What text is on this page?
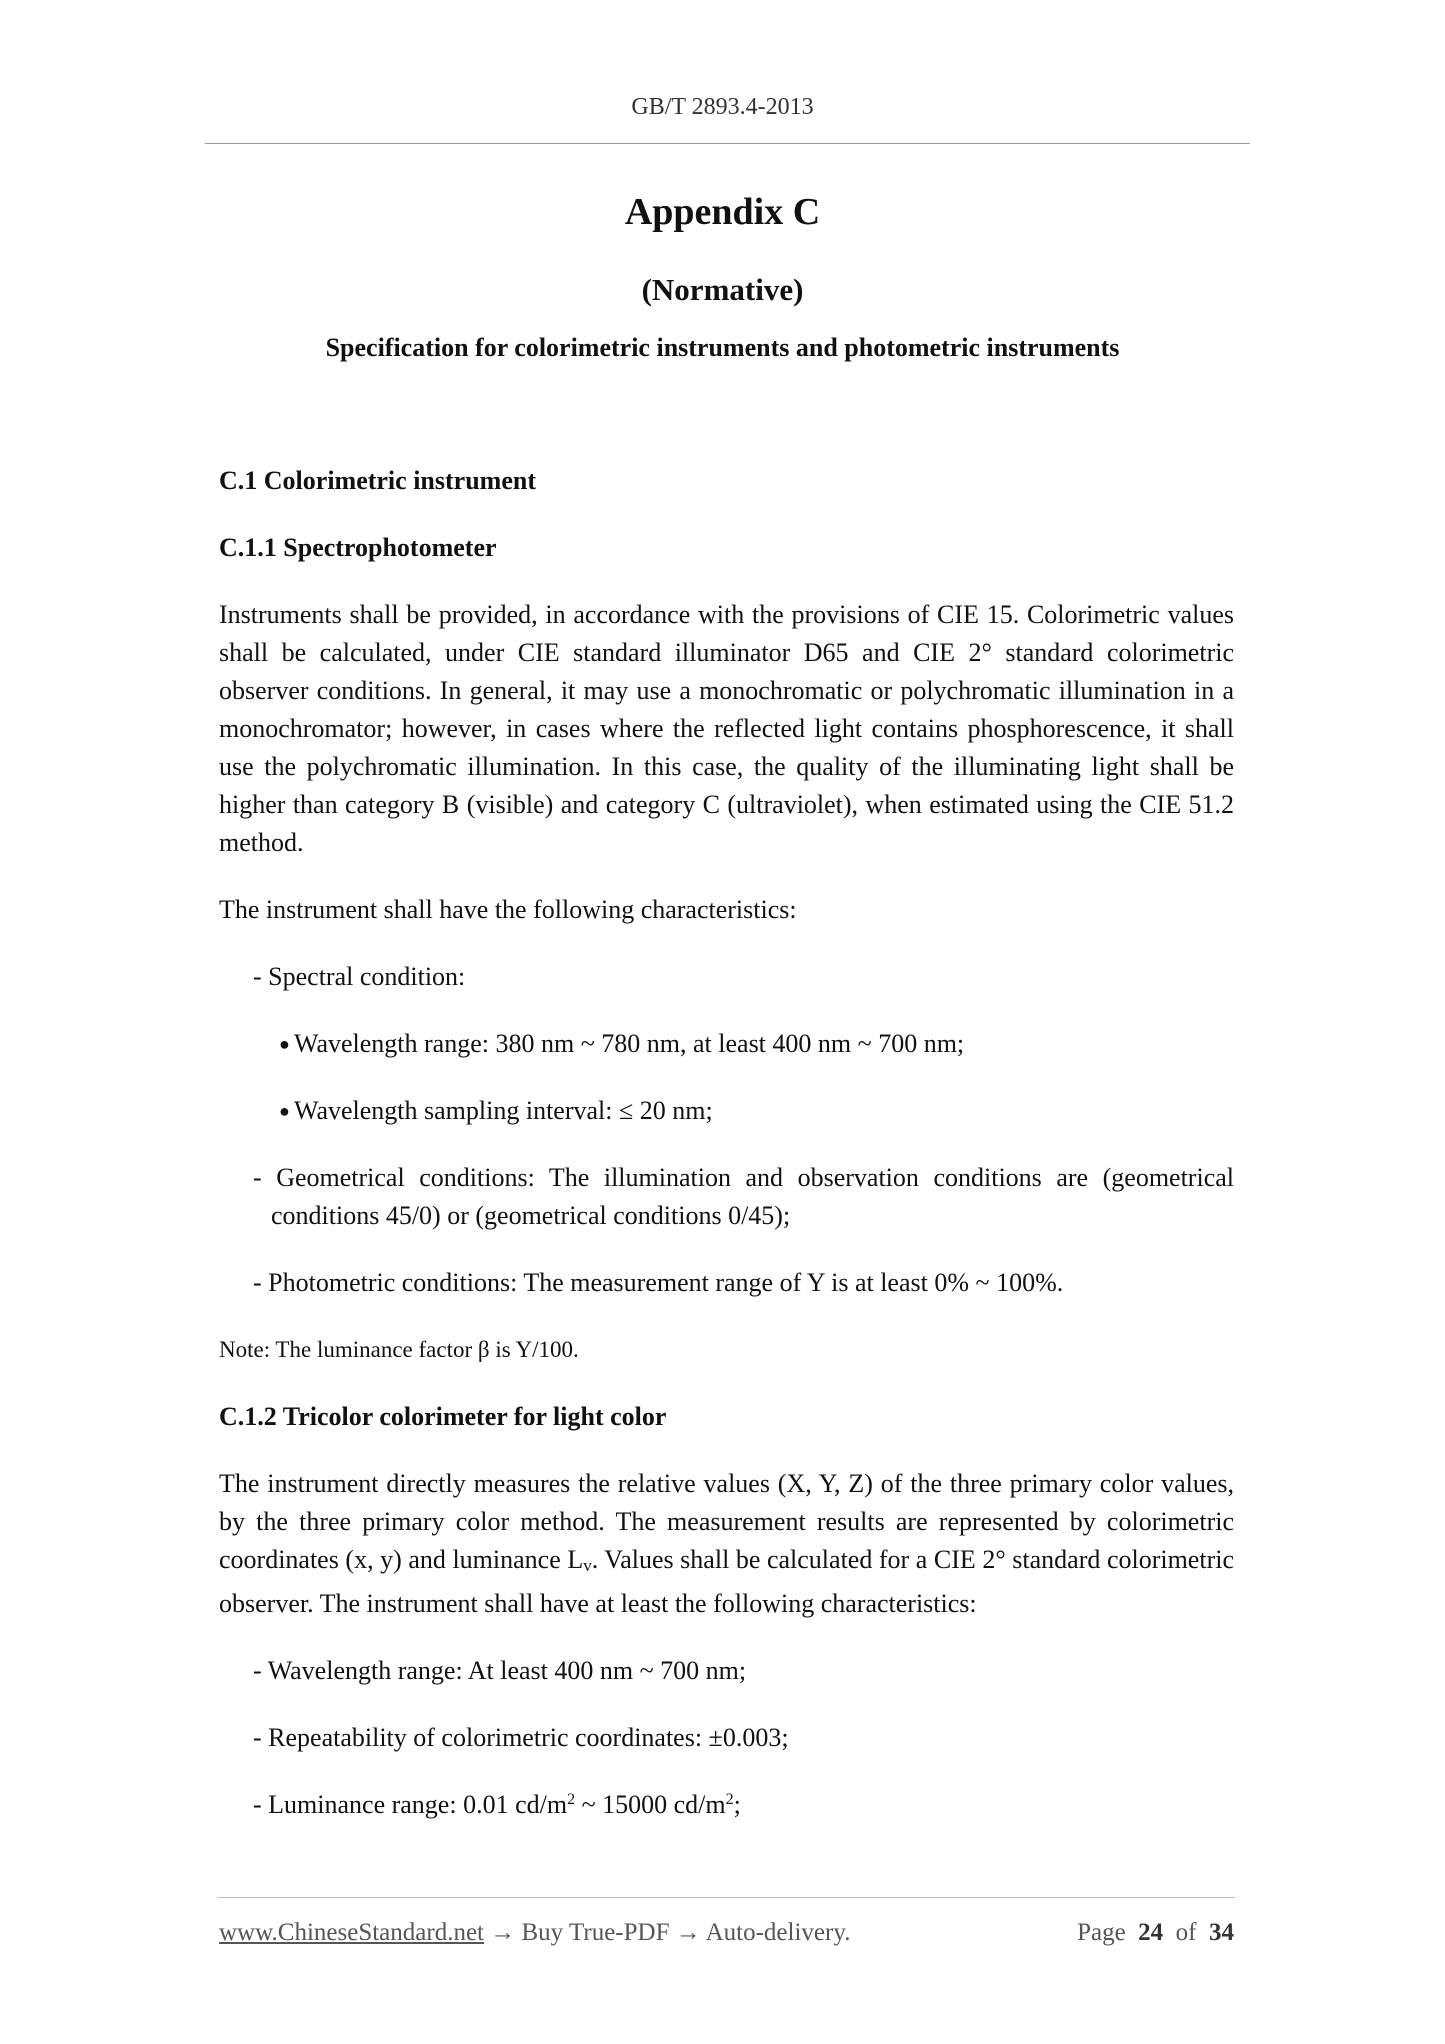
GB/T 2893.4-2013
Appendix C
(Normative)
Specification for colorimetric instruments and photometric instruments
C.1 Colorimetric instrument
C.1.1 Spectrophotometer
Instruments shall be provided, in accordance with the provisions of CIE 15. Colorimetric values shall be calculated, under CIE standard illuminator D65 and CIE 2° standard colorimetric observer conditions. In general, it may use a monochromatic or polychromatic illumination in a monochromator; however, in cases where the reflected light contains phosphorescence, it shall use the polychromatic illumination. In this case, the quality of the illuminating light shall be higher than category B (visible) and category C (ultraviolet), when estimated using the CIE 51.2 method.
The instrument shall have the following characteristics:
- Spectral condition:
● Wavelength range: 380 nm ~ 780 nm, at least 400 nm ~ 700 nm;
● Wavelength sampling interval: ≤ 20 nm;
- Geometrical conditions: The illumination and observation conditions are (geometrical conditions 45/0) or (geometrical conditions 0/45);
- Photometric conditions: The measurement range of Y is at least 0% ~ 100%.
Note: The luminance factor β is Y/100.
C.1.2 Tricolor colorimeter for light color
The instrument directly measures the relative values (X, Y, Z) of the three primary color values, by the three primary color method. The measurement results are represented by colorimetric coordinates (x, y) and luminance $L_v$. Values shall be calculated for a CIE 2° standard colorimetric observer. The instrument shall have at least the following characteristics:
- Wavelength range: At least 400 nm ~ 700 nm;
- Repeatability of colorimetric coordinates: ±0.003;
- Luminance range: 0.01 $cd/m^2$ ~ 15000 $cd/m^2$;
www.ChineseStandard.net → Buy True-PDF → Auto-delivery.	Page 24 of 34
